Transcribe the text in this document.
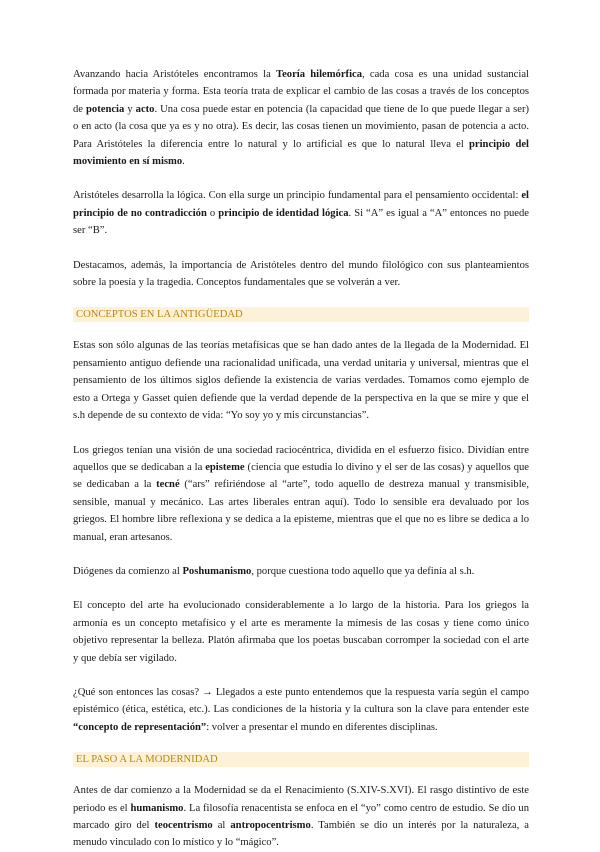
Avanzando hacia Aristóteles encontramos la Teoría hilemórfica, cada cosa es una unidad sustancial formada por materia y forma. Esta teoría trata de explicar el cambio de las cosas a través de los conceptos de potencia y acto. Una cosa puede estar en potencia (la capacidad que tiene de lo que puede llegar a ser) o en acto (la cosa que ya es y no otra). Es decir, las cosas tienen un movimiento, pasan de potencia a acto. Para Aristóteles la diferencia entre lo natural y lo artificial es que lo natural lleva el principio del movimiento en sí mismo.

Aristóteles desarrolla la lógica. Con ella surge un principio fundamental para el pensamiento occidental: el principio de no contradicción o principio de identidad lógica. Si “A” es igual a “A” entonces no puede ser “B”.

Destacamos, además, la importancia de Aristóteles dentro del mundo filológico con sus planteamientos sobre la poesía y la tragedia. Conceptos fundamentales que se volverán a ver.

CONCEPTOS EN LA ANTIGÜEDAD

Estas son sólo algunas de las teorías metafísicas que se han dado antes de la llegada de la Modernidad. El pensamiento antiguo defiende una racionalidad unificada, una verdad unitaria y universal, mientras que el pensamiento de los últimos siglos defiende la existencia de varias verdades. Tomamos como ejemplo de esto a Ortega y Gasset quien defiende que la verdad depende de la perspectiva en la que se mire y que el s.h depende de su contexto de vida: “Yo soy yo y mis circunstancias”.

Los griegos tenían una visión de una sociedad raciocéntrica, dividida en el esfuerzo físico. Dividían entre aquellos que se dedicaban a la episteme (ciencia que estudia lo divino y el ser de las cosas) y aquellos que se dedicaban a la tecné (“ars” refiriéndose al “arte”, todo aquello de destreza manual y transmisible, sensible, manual y mecánico. Las artes liberales entran aquí). Todo lo sensible era devaluado por los griegos. El hombre libre reflexiona y se dedica a la episteme, mientras que el que no es libre se dedica a lo manual, eran artesanos.

Diógenes da comienzo al Poshumanismo, porque cuestiona todo aquello que ya definía al s.h.

El concepto del arte ha evolucionado considerablemente a lo largo de la historia. Para los griegos la armonía es un concepto metafísico y el arte es meramente la mímesis de las cosas y tiene como único objetivo representar la belleza. Platón afirmaba que los poetas buscaban corromper la sociedad con el arte y que debía ser vigilado.

¿Qué son entonces las cosas? → Llegados a este punto entendemos que la respuesta varía según el campo epistémico (ética, estética, etc.). Las condiciones de la historia y la cultura son la clave para entender este “concepto de representación”: volver a presentar el mundo en diferentes disciplinas.

EL PASO A LA MODERNIDAD

Antes de dar comienzo a la Modernidad se da el Renacimiento (S.XIV-S.XVI). El rasgo distintivo de este periodo es el humanismo. La filosofía renacentista se enfoca en el “yo” como centro de estudio. Se dio un marcado giro del teocentrismo al antropocentrismo. También se dio un interés por la naturaleza, a menudo vinculado con lo místico y lo “mágico”.
